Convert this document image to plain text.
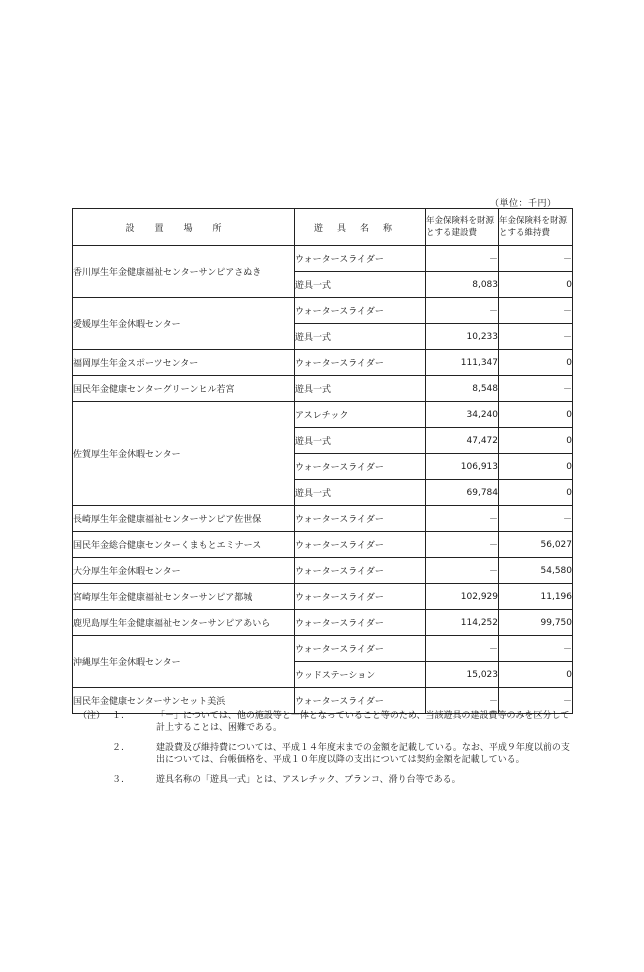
（単位：千円）
設置場所	遊具名称	年金保険料を財源とする建設費	年金保険料を財源とする維持費
香川厚生年金健康福祉センターサンピアさぬき	ウォータースライダー	－	－
	遊具一式	8,083	0
愛媛厚生年金休暇センター	ウォータースライダー	－	－
	遊具一式	10,233	－
福岡厚生年金スポーツセンター	ウォータースライダー	111,347	0
国民年金健康センターグリーンヒル若宮	遊具一式	8,548	－
佐賀厚生年金休暇センター	アスレチック	34,240	0
	遊具一式	47,472	0
	ウォータースライダー	106,913	0
	遊具一式	69,784	0
長崎厚生年金健康福祉センターサンピア佐世保	ウォータースライダー	－	－
国民年金総合健康センターくまもとエミナース	ウォータースライダー	－	56,027
大分厚生年金休暇センター	ウォータースライダー	－	54,580
宮崎厚生年金健康福祉センターサンピア都城	ウォータースライダー	102,929	11,196
鹿児島厚生年金健康福祉センターサンピアあいら	ウォータースライダー	114,252	99,750
沖縄厚生年金休暇センター	ウォータースライダー	－	－
	ウッドステーション	15,023	0
国民年金健康センターサンセット美浜	ウォータースライダー	－	－
（注） １.	「－」については、他の施設等と一体となっていること等のため、当該遊具の建設費等のみを区分して計上することは、困難である。
２.	建設費及び維持費については、平成１４年度末までの金額を記載している。なお、平成９年度以前の支出については、台帳価格を、平成１０年度以降の支出については契約金額を記載している。
３.	遊具名称の「遊具一式」とは、アスレチック、ブランコ、滑り台等である。
